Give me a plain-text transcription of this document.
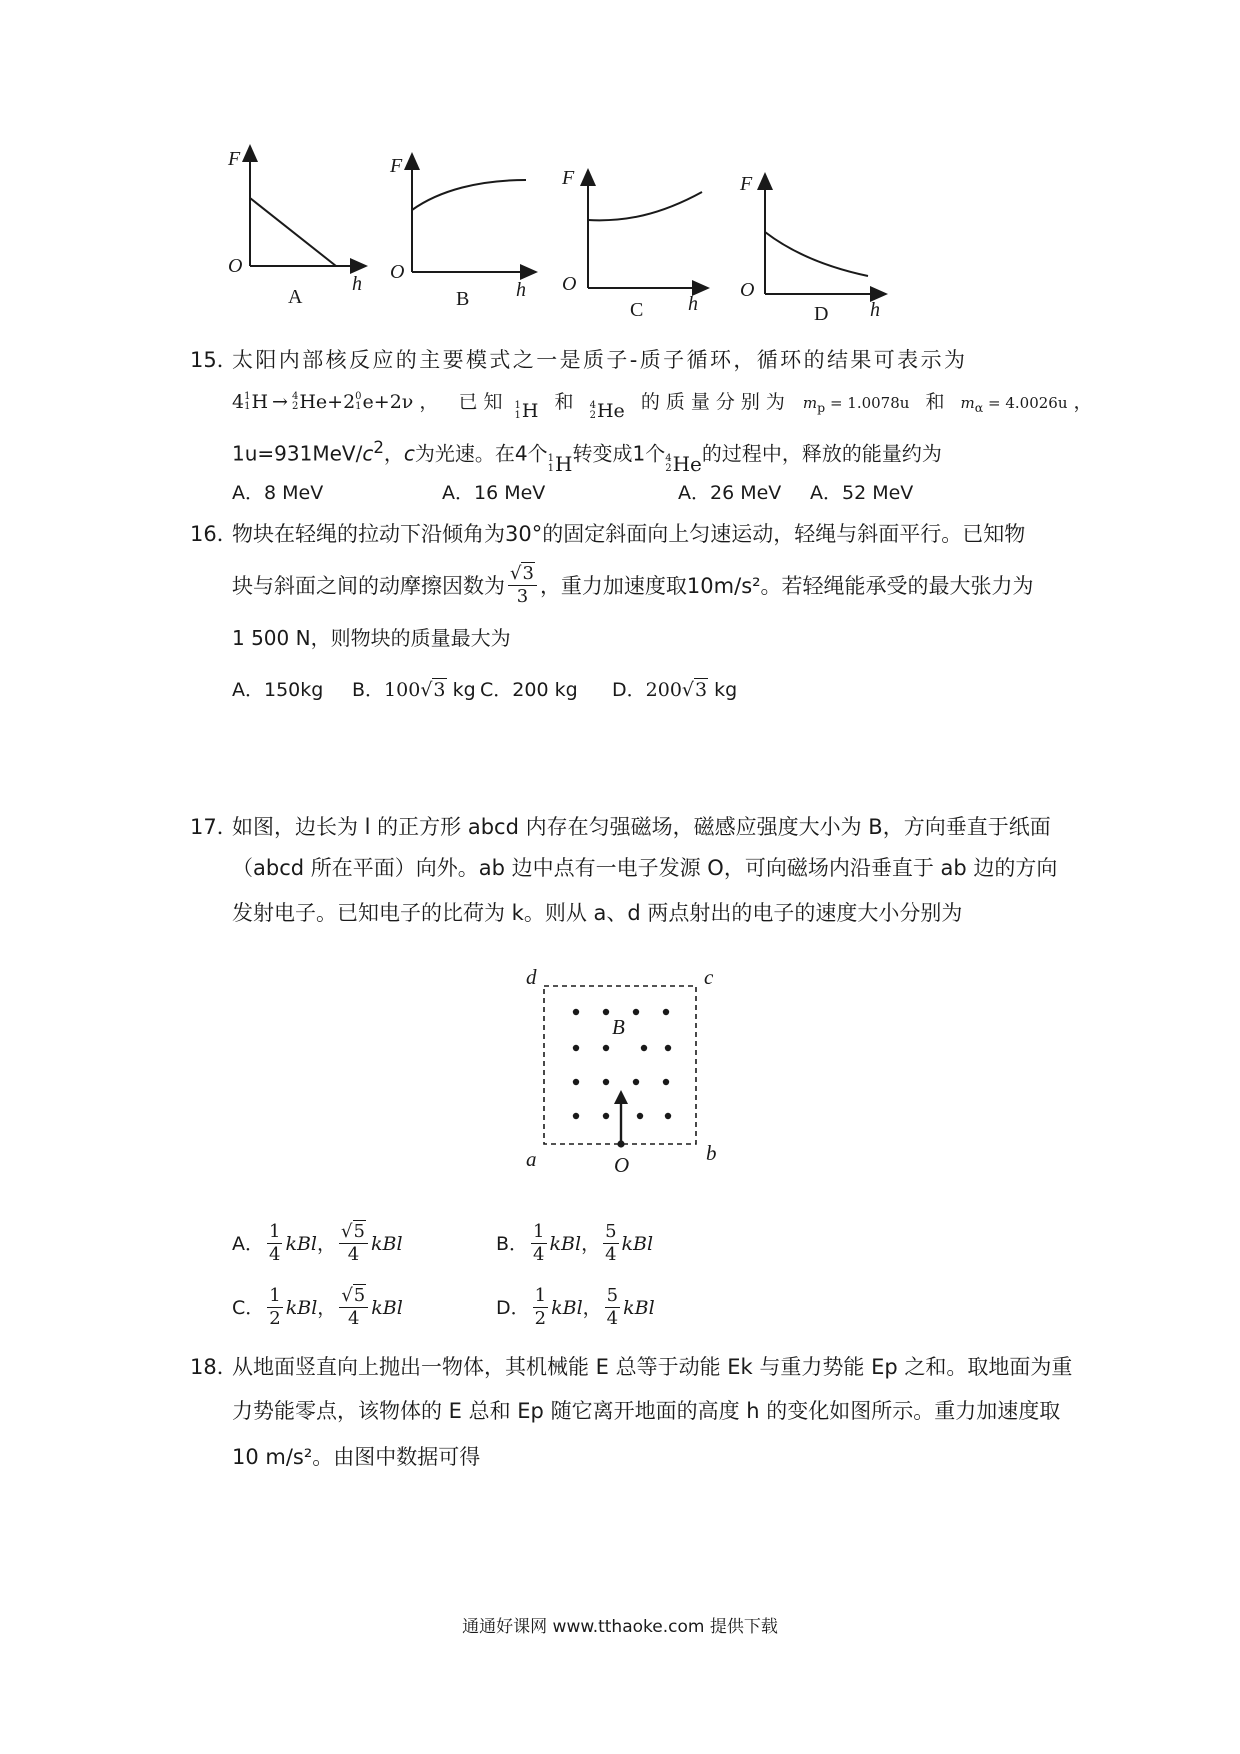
F
O
h
F
O
h
F
O
h
F
O
h
A	B	C	D
15．
太阳内部核反应的主要模式之一是质子-质子循环，循环的结果可表示为
4 1
1 H → 4
2 He+2 0
1 e+2ν ， 已知 1
1 H 和 4
2 He 的质量分别为 $m_p = 1.0078u$ 和 $m_\alpha = 4.0026u$ ，
$1u=931MeV/c^2$，c为光速。在4个 1
1 H 转变成1个 4
2 He 的过程中，释放的能量约为
A．8 MeV	A．16 MeV	A．26 MeV A．52 MeV
16．
物块在轻绳的拉动下沿倾角为30°的固定斜面向上匀速运动，轻绳与斜面平行。已知物
块与斜面之间的动摩擦因数为 $\frac{√3}{3}$ ，重力加速度取10m/s²。若轻绳能承受的最大张力为
1 500 N，则物块的质量最大为
A．150kg B．100√3 kg C．200 kg D．200√3 kg
17．
如图，边长为 l 的正方形 abcd 内存在匀强磁场，磁感应强度大小为 B，方向垂直于纸面
（abcd 所在平面）向外。ab 边中点有一电子发源 O，可向磁场内沿垂直于 ab 边的方向
发射电子。已知电子的比荷为 k。则从 a、d 两点射出的电子的速度大小分别为
d	c
a	b
B
O
A． $\frac{1}{4}$ kBl ， $\frac{√5}{4}$ kBl	B． $\frac{1}{4}$ kBl ， $\frac{5}{4}$ kBl
C． $\frac{1}{2}$ kBl ， $\frac{√5}{4}$ kBl	D． $\frac{1}{2}$ kBl ， $\frac{5}{4}$ kBl
18．
从地面竖直向上抛出一物体，其机械能 E 总等于动能 Ek 与重力势能 Ep 之和。取地面为重
力势能零点，该物体的 E 总和 Ep 随它离开地面的高度 h 的变化如图所示。重力加速度取
10 m/s²。由图中数据可得
通通好课网 www.tthaoke.com 提供下载
